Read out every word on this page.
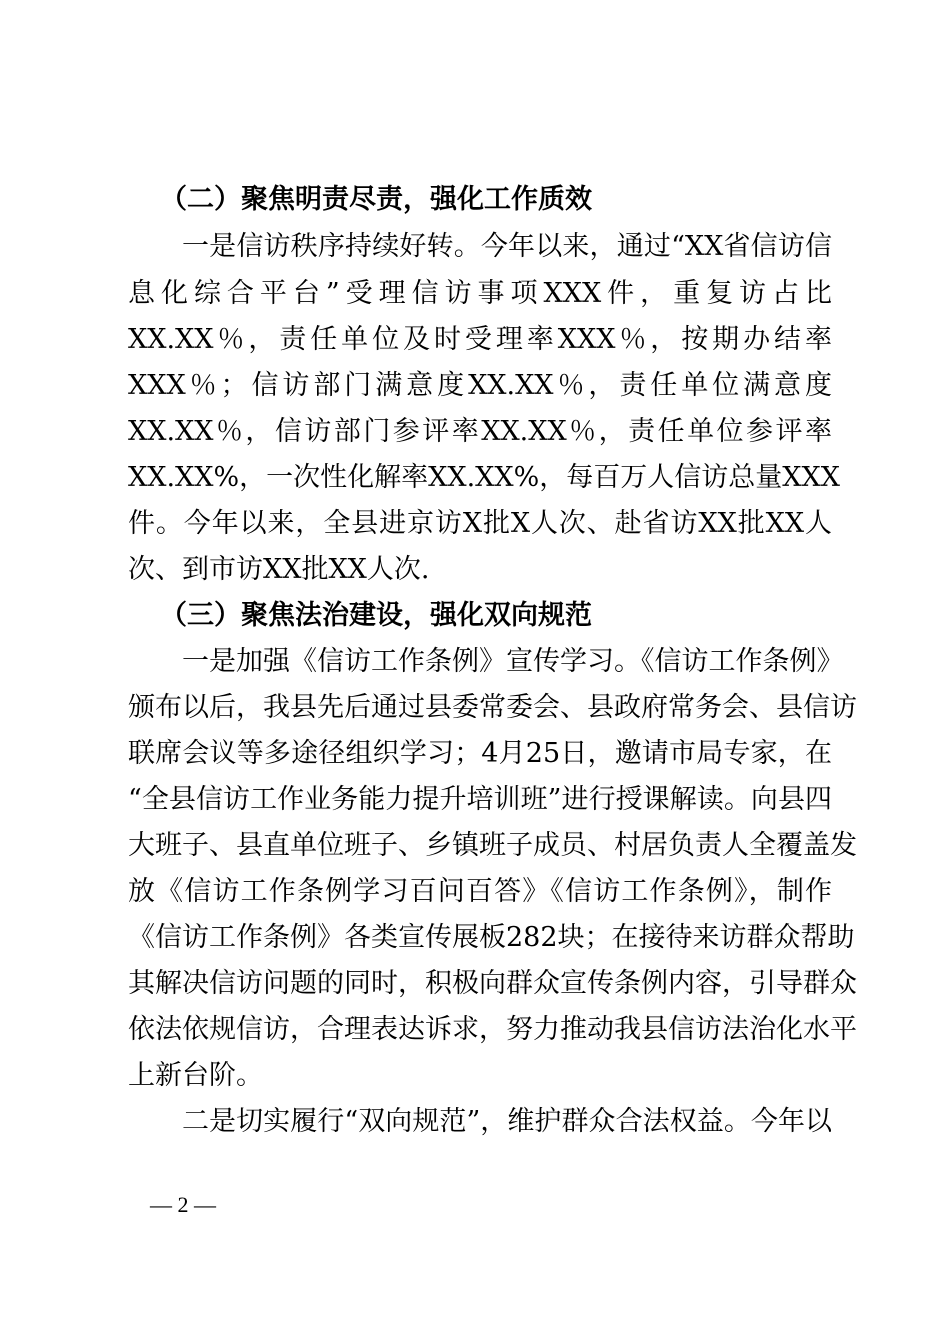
（二）聚焦明责尽责，强化工作质效
一是信访秩序持续好转。今年以来，通过“XX省信访信
息化综合平台”受理信访事项XXX件，重复访占比
XX.XX％，责任单位及时受理率XXX％，按期办结率
XXX％；信访部门满意度XX.XX％，责任单位满意度
XX.XX％，信访部门参评率XX.XX％，责任单位参评率
XX.XX%，一次性化解率XX.XX%，每百万人信访总量XXX
件。今年以来，全县进京访X批X人次、赴省访XX批XX人
次、到市访XX批XX人次.
（三）聚焦法治建设，强化双向规范
一是加强《信访工作条例》宣传学习。《信访工作条例》
颁布以后，我县先后通过县委常委会、县政府常务会、县信访
联席会议等多途径组织学习；4月25日，邀请市局专家，在
“全县信访工作业务能力提升培训班”进行授课解读。向县四
大班子、县直单位班子、乡镇班子成员、村居负责人全覆盖发
放《信访工作条例学习百问百答》《信访工作条例》，制作
《信访工作条例》各类宣传展板282块；在接待来访群众帮助
其解决信访问题的同时，积极向群众宣传条例内容，引导群众
依法依规信访，合理表达诉求，努力推动我县信访法治化水平
上新台阶。
二是切实履行“双向规范”，维护群众合法权益。今年以
— 2 —
